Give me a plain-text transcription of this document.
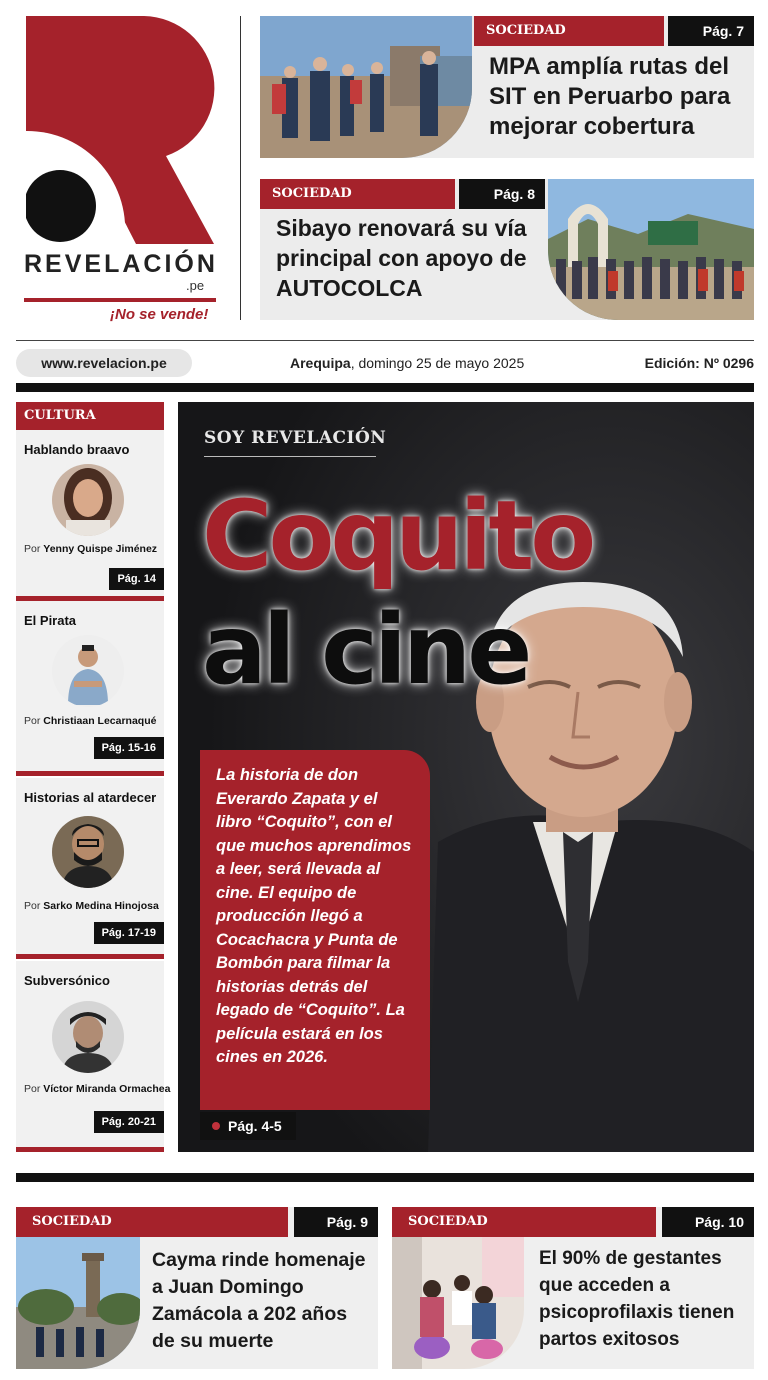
REVELACIÓN
.pe
¡No se vende!
SOCIEDAD	Pág. 7
MPA amplía rutas del SIT en Peruarbo para mejorar cobertura
SOCIEDAD	Pág. 8
Sibayo renovará su vía principal con apoyo de AUTOCOLCA
www.revelacion.pe	Arequipa, domingo 25 de mayo 2025	Edición: Nº 0296
CULTURA
Hablando braavo
Por Yenny Quispe Jiménez
Pág. 14
El Pirata
Por Christiaan Lecarnaqué
Pág. 15-16
Historias al atardecer
Por Sarko Medina Hinojosa
Pág. 17-19
Subversónico
Por Víctor Miranda Ormachea
Pág. 20-21
SOY REVELACIÓN
Coquito
al cine
La historia de don Everardo Zapata y el libro “Coquito”, con el que muchos aprendimos a leer, será llevada al cine. El equipo de producción llegó a Cocachacra y Punta de Bombón para filmar la historias detrás del legado de “Coquito”. La película estará en los cines en 2026.
Pág. 4-5
SOCIEDAD	Pág. 9
Cayma rinde homenaje a Juan Domingo Zamácola a 202 años de su muerte
SOCIEDAD	Pág. 10
El 90% de gestantes que acceden a psicoprofilaxis tienen partos exitosos
